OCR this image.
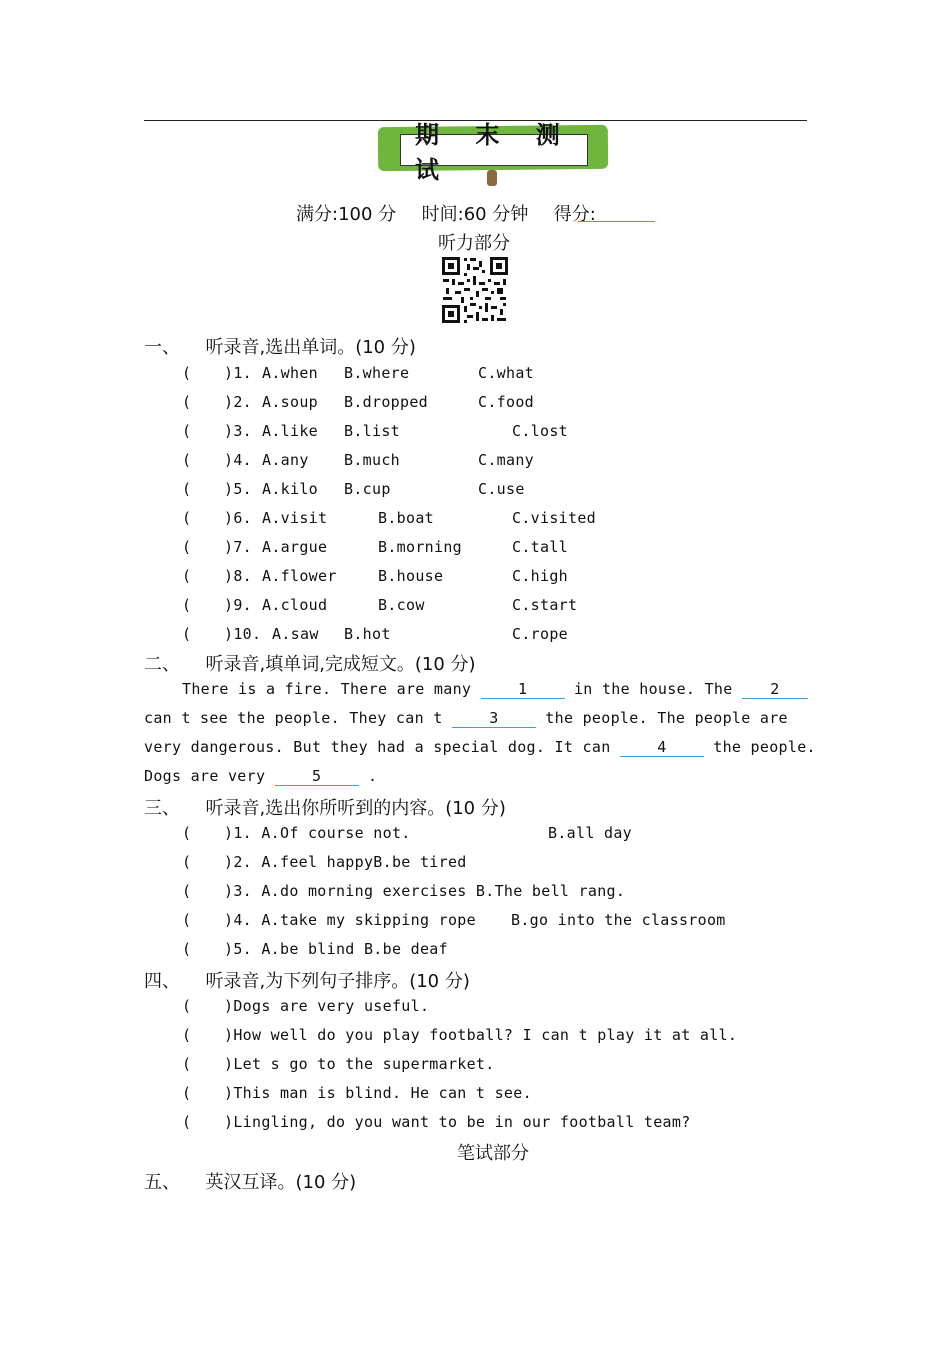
期 末 测 试
满分:100 分 时间:60 分钟 得分:
听力部分
一、 听录音,选出单词。(10 分)
( )1. A.when B.where	C.what
( )2. A.soup B.dropped	C.food
( )3. A.like B.list	C.lost
( )4. A.any B.much	C.many
( )5. A.kilo B.cup	C.use
( )6. A.visit	B.boat	C.visited
( )7. A.argue	B.morning	C.tall
( )8. A.flower	B.house	C.high
( )9. A.cloud	B.cow	C.start
( )10. A.saw B.hot	C.rope
二、 听录音,填单词,完成短文。(10 分)
There is a fire. There are many	1	in the house. The	2
can t see the people. They can t	3	the people. The people are
very dangerous. But they had a special dog. It can	4	the people.
Dogs are very	5	.
三、 听录音,选出你所听到的内容。(10 分)
( )1. A.Of course not.	B.all day
( )2. A.feel happyB.be tired
( )3. A.do morning exercises B.The bell rang.
( )4. A.take my skipping rope B.go into the classroom
( )5. A.be blind B.be deaf
四、 听录音,为下列句子排序。(10 分)
( )Dogs are very useful.
( )How well do you play football? I can t play it at all.
( )Let s go to the supermarket.
( )This man is blind. He can t see.
( )Lingling, do you want to be in our football team?
笔试部分
五、 英汉互译。(10 分)
